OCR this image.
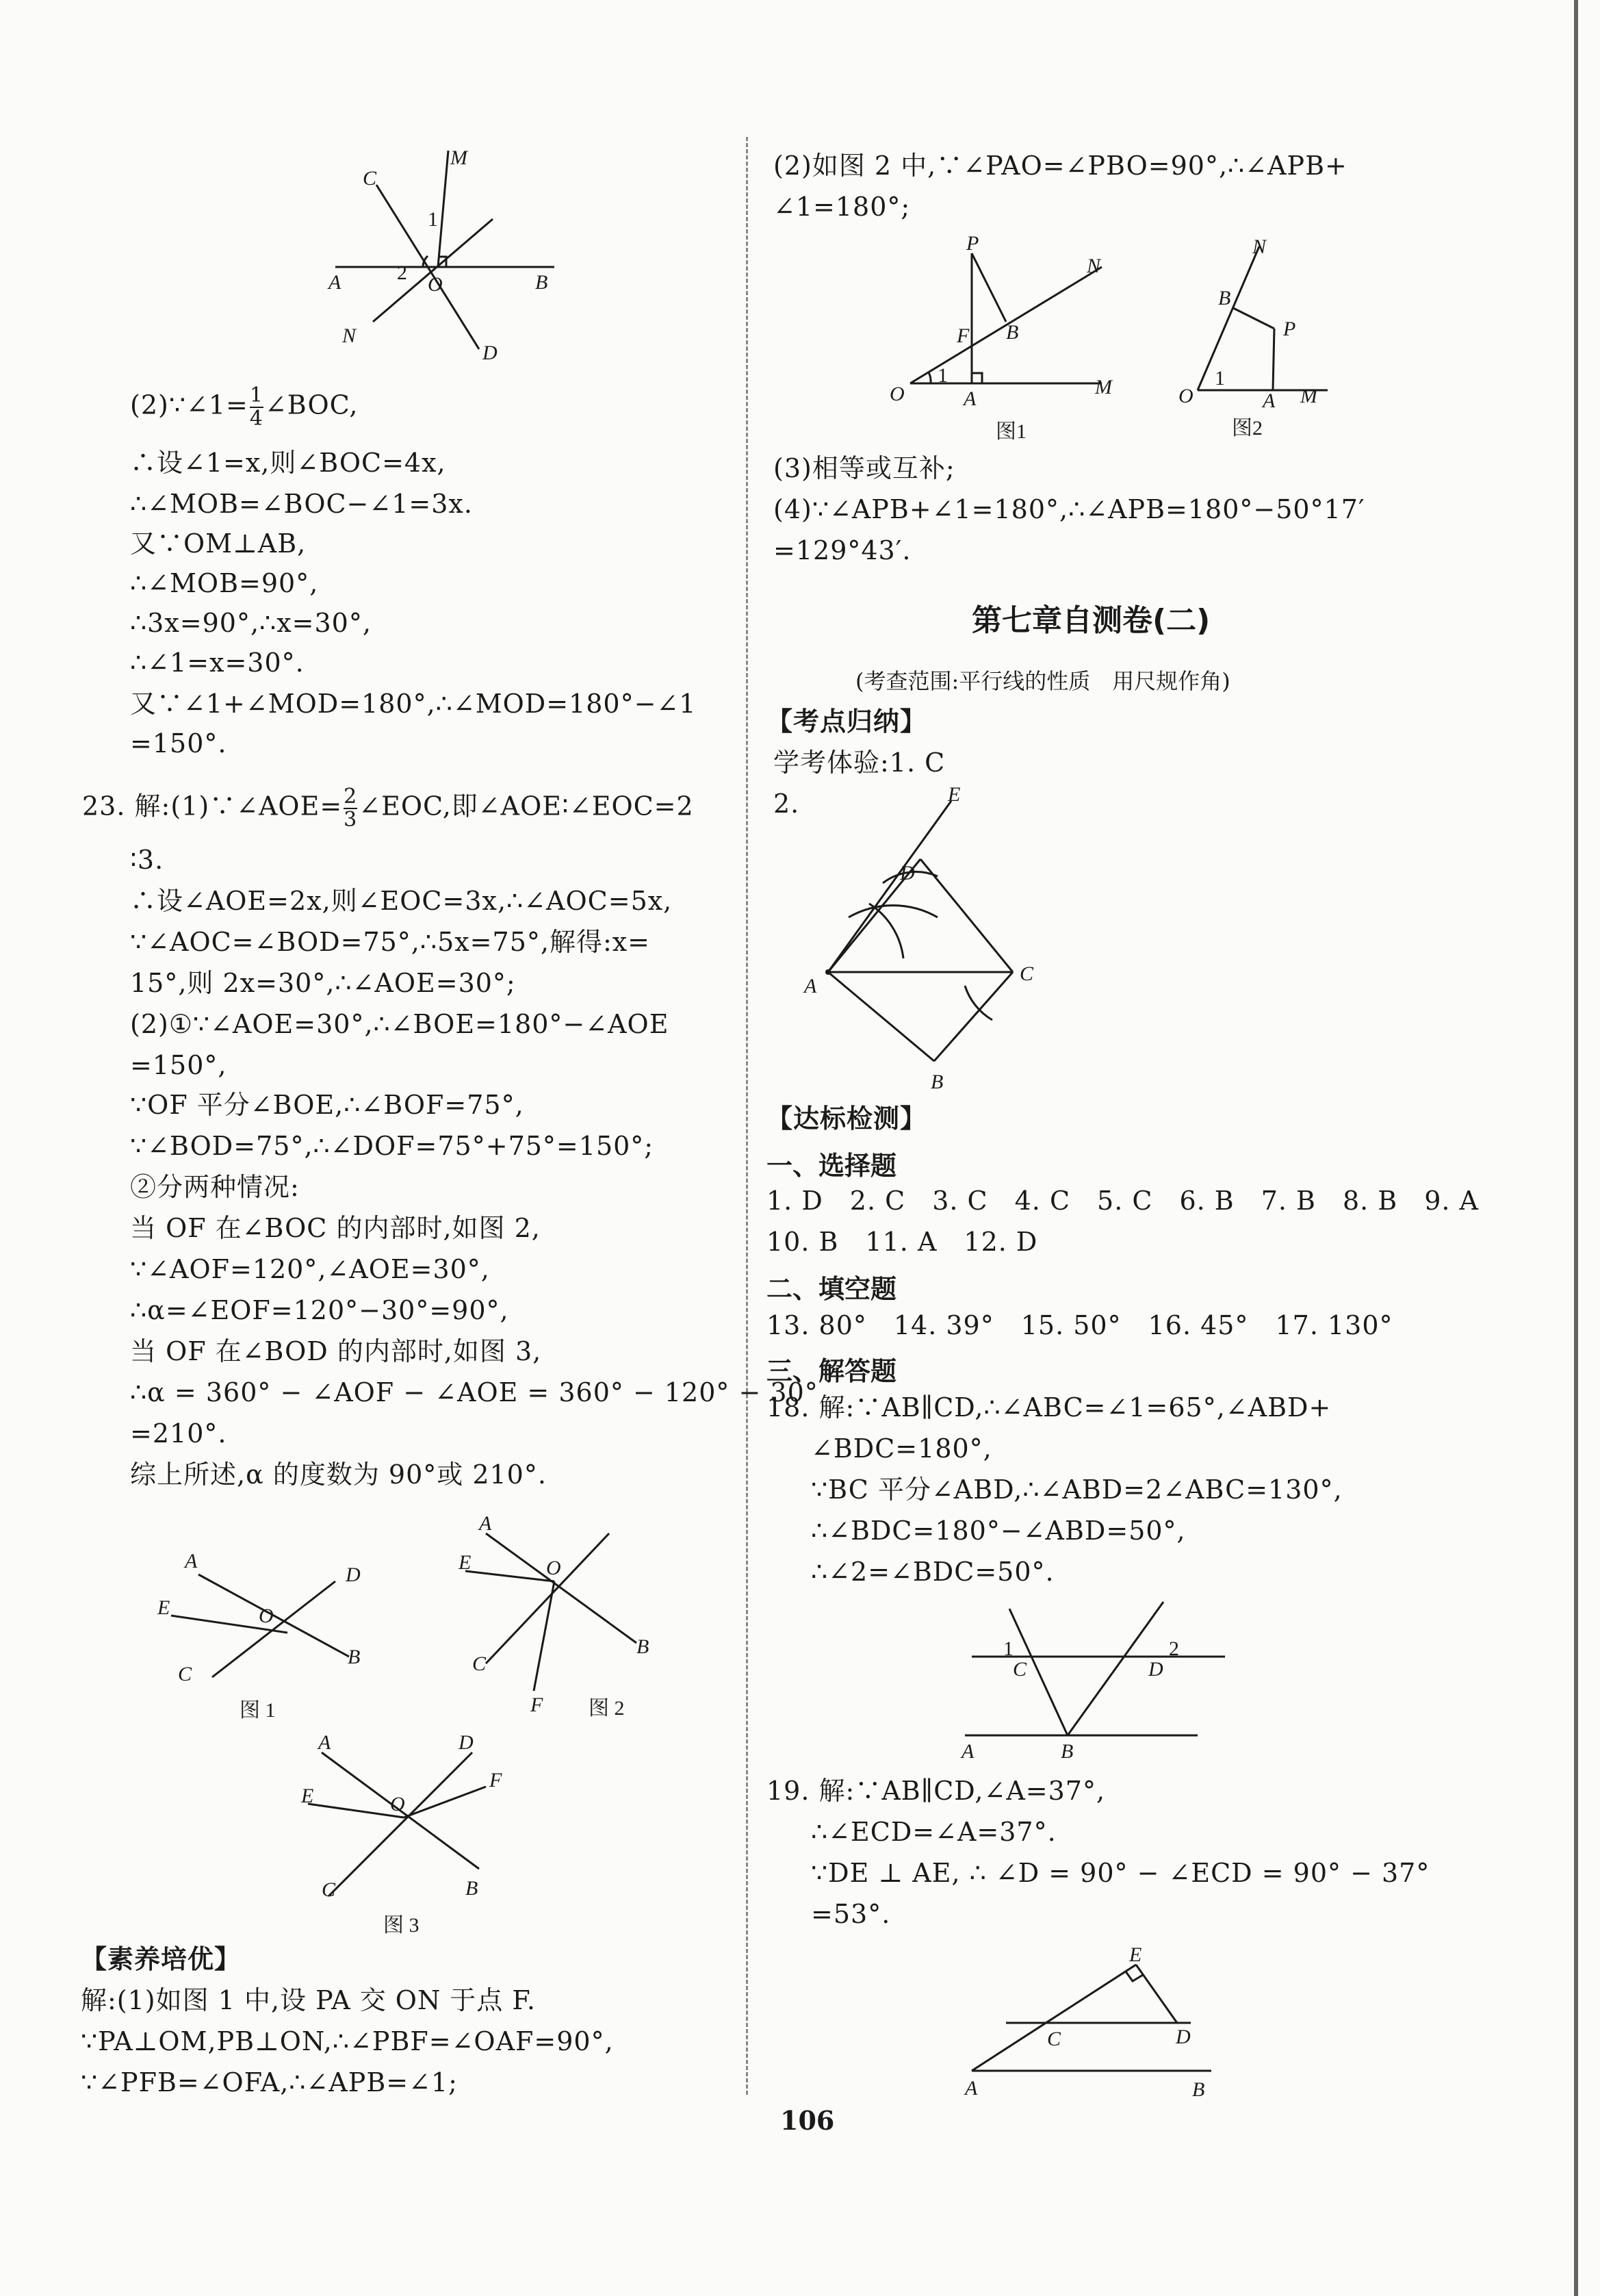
M
C
1
2
A	O	B
N
D
(2)∵∠1= $\frac{1}{4}$ ∠BOC,
∴设∠1=x,则∠BOC=4x,
∴∠MOB=∠BOC−∠1=3x.
又∵OM⊥AB,
∴∠MOB=90°,
∴3x=90°,∴x=30°,
∴∠1=x=30°.
又∵∠1+∠MOD=180°,∴∠MOD=180°−∠1
=150°.
23. 解:(1)∵∠AOE= $\frac{2}{3}$ ∠EOC,即∠AOE∶∠EOC=2
∶3.
∴设∠AOE=2x,则∠EOC=3x,∴∠AOC=5x,
∵∠AOC=∠BOD=75°,∴5x=75°,解得:x=
15°,则 2x=30°,∴∠AOE=30°;
(2)①∵∠AOE=30°,∴∠BOE=180°−∠AOE
=150°,
∵OF 平分∠BOE,∴∠BOF=75°,
∵∠BOD=75°,∴∠DOF=75°+75°=150°;
②分两种情况:
当 OF 在∠BOC 的内部时,如图 2,
∵∠AOF=120°,∠AOE=30°,
∴α=∠EOF=120°−30°=90°,
当 OF 在∠BOD 的内部时,如图 3,
∴α = 360° − ∠AOF − ∠AOE = 360° − 120° − 30°
=210°.
综上所述,α 的度数为 90°或 210°.
A
D
E	O
C
B
图 1
A
E	O
B
C
F 图 2
A	D
E	O
F
C	B
图 3
【素养培优】
解:(1)如图 1 中,设 PA 交 ON 于点 F.
∵PA⊥OM,PB⊥ON,∴∠PBF=∠OAF=90°,
∵∠PFB=∠OFA,∴∠APB=∠1;
(2)如图 2 中,∵∠PAO=∠PBO=90°,∴∠APB+
∠1=180°;
P
N
B
F
O
1
A
M
图1
N
B
P
O
1
A M
图2
(3)相等或互补;
(4)∵∠APB+∠1=180°,∴∠APB=180°−50°17′
=129°43′.
第七章自测卷(二)
(考查范围:平行线的性质　用尺规作角)
【考点归纳】
学考体验:1. C
2.	E
D
A
C
B
【达标检测】
一、选择题
1. D　2. C　3. C　4. C　5. C　6. B　7. B　8. B　9. A
10. B　11. A　12. D
二、填空题
13. 80°　14. 39°　15. 50°　16. 45°　17. 130°
三、解答题
18. 解:∵AB∥CD,∴∠ABC=∠1=65°,∠ABD+
∠BDC=180°,
∵BC 平分∠ABD,∴∠ABD=2∠ABC=130°,
∴∠BDC=180°−∠ABD=50°,
∴∠2=∠BDC=50°.
1
C
2
D
A	B
19. 解:∵AB∥CD,∠A=37°,
∴∠ECD=∠A=37°.
∵DE ⊥ AE, ∴ ∠D = 90° − ∠ECD = 90° − 37°
=53°.
E
C	D
A	B
106
